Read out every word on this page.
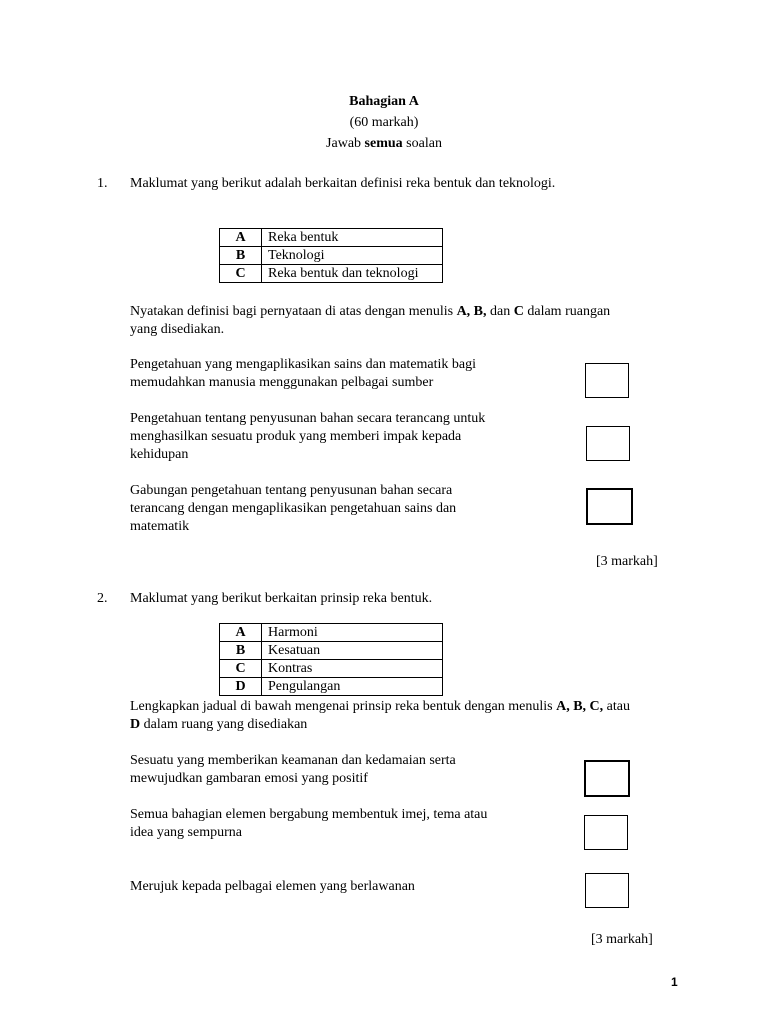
Bahagian A
(60 markah)
Jawab semua soalan
1. Maklumat yang berikut adalah berkaitan definisi reka bentuk dan teknologi.
A	Reka bentuk
B	Teknologi
C	Reka bentuk dan teknologi
Nyatakan definisi bagi pernyataan di atas dengan menulis A, B, dan C dalam ruangan
yang disediakan.
Pengetahuan yang mengaplikasikan sains dan matematik bagi
memudahkan manusia menggunakan pelbagai sumber
Pengetahuan tentang penyusunan bahan secara terancang untuk
menghasilkan sesuatu produk yang memberi impak kepada
kehidupan
Gabungan pengetahuan tentang penyusunan bahan secara
terancang dengan mengaplikasikan pengetahuan sains dan
matematik
[3 markah]
2. Maklumat yang berikut berkaitan prinsip reka bentuk.
A	Harmoni
B	Kesatuan
C	Kontras
D	Pengulangan
Lengkapkan jadual di bawah mengenai prinsip reka bentuk dengan menulis A, B, C, atau
D dalam ruang yang disediakan
Sesuatu yang memberikan keamanan dan kedamaian serta
mewujudkan gambaran emosi yang positif
Semua bahagian elemen bergabung membentuk imej, tema atau
idea yang sempurna
Merujuk kepada pelbagai elemen yang berlawanan
[3 markah]
1
